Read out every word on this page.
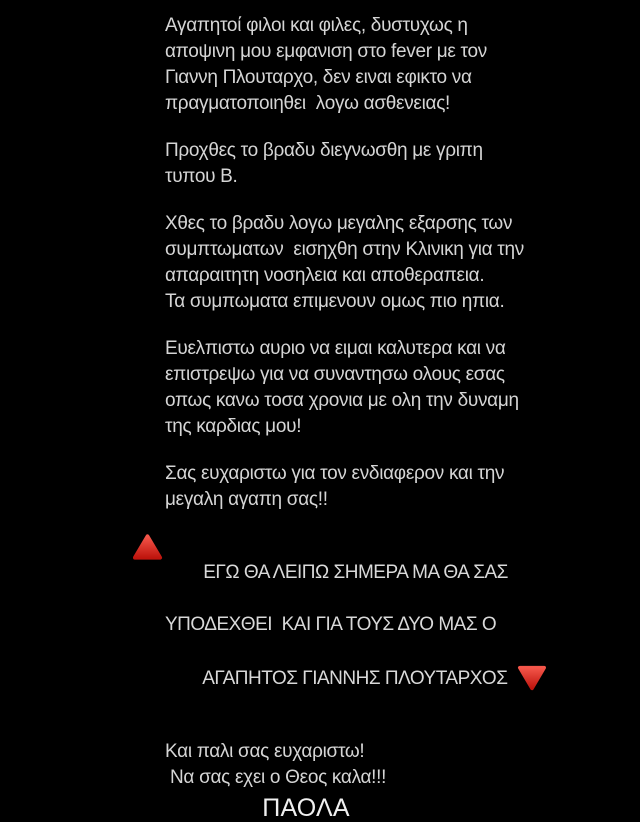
Αγαπητοί φιλοι και φιλες, δυστυχως η
αποψινη μου εμφανιση στο fever με τον
Γιαννη Πλουταρχο, δεν ειναι εφικτο να
πραγματοποιηθει  λογω ασθενειας!
Προχθες το βραδυ διεγνωσθη με γριπη
τυπου Β.
Χθες το βραδυ λογω μεγαλης εξαρσης των
συμπτωματων  εισηχθη στην Κλινικη για την
απαραιτητη νοσηλεια και αποθεραπεια.
Τα συμπωματα επιμενουν ομως πιο ηπια.
Ευελπιστω αυριο να ειμαι καλυτερα και να
επιστρεψω για να συναντησω ολους εσας
οπως κανω τοσα χρονια με ολη την δυναμη
της καρδιας μου!
Σας ευχαριστω για τον ενδιαφερον και την
μεγαλη αγαπη σας!!

ΕΓΩ ΘΑ ΛΕΙΠΩ ΣΗΜΕΡΑ ΜΑ ΘΑ ΣΑΣ

ΥΠΟΔΕΧΘΕΙ  ΚΑΙ ΓΙΑ ΤΟΥΣ ΔΥΟ ΜΑΣ Ο

ΑΓΑΠΗΤΟΣ ΓΙΑΝΝΗΣ ΠΛΟΥΤΑΡΧΟΣ

Και παλι σας ευχαριστω!
Να σας εχει ο Θεος καλα!!!
ΠΑΟΛΑ
